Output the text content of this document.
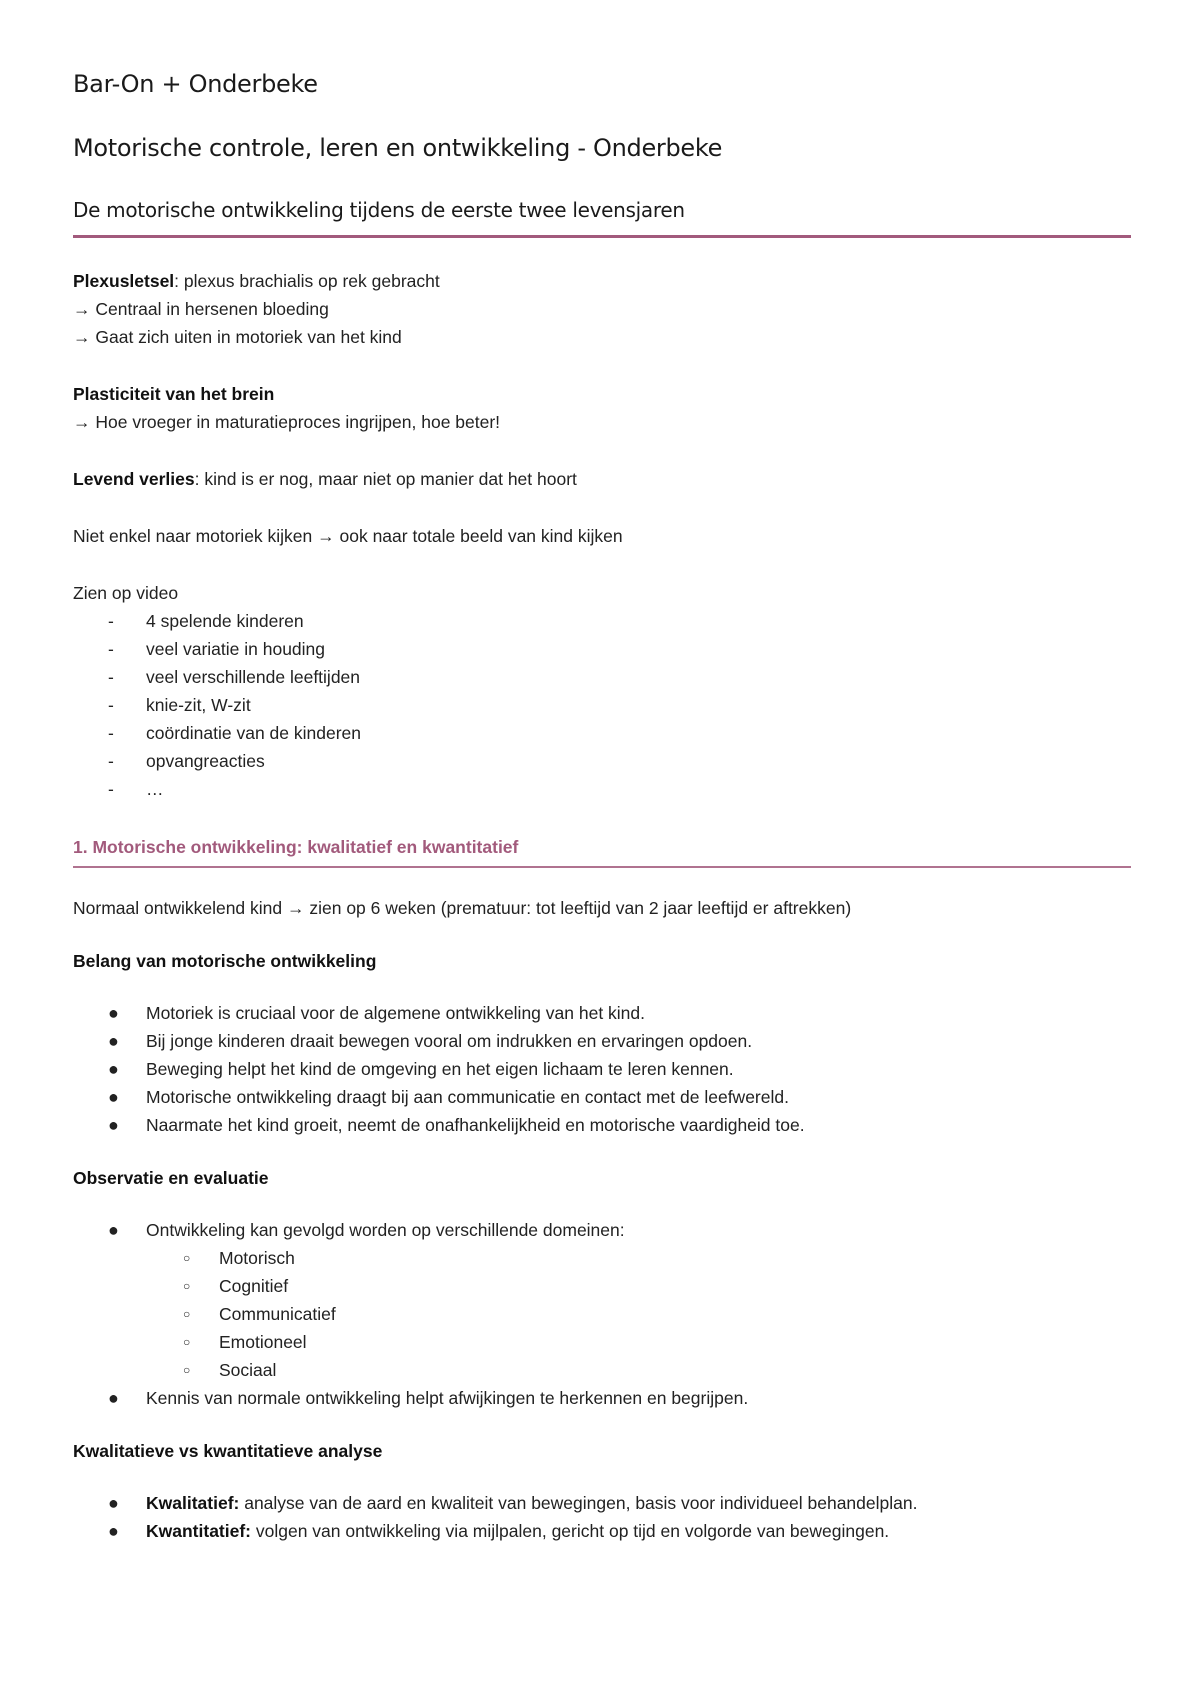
Bar-On + Onderbeke
Motorische controle, leren en ontwikkeling - Onderbeke
De motorische ontwikkeling tijdens de eerste twee levensjaren
Plexusletsel: plexus brachialis op rek gebracht
→ Centraal in hersenen bloeding
→ Gaat zich uiten in motoriek van het kind
Plasticiteit van het brein
→ Hoe vroeger in maturatieproces ingrijpen, hoe beter!
Levend verlies: kind is er nog, maar niet op manier dat het hoort
Niet enkel naar motoriek kijken → ook naar totale beeld van kind kijken
Zien op video
- 4 spelende kinderen
- veel variatie in houding
- veel verschillende leeftijden
- knie-zit, W-zit
- coördinatie van de kinderen
- opvangreacties
- …
1. Motorische ontwikkeling: kwalitatief en kwantitatief
Normaal ontwikkelend kind → zien op 6 weken (prematuur: tot leeftijd van 2 jaar leeftijd er aftrekken)
Belang van motorische ontwikkeling
● Motoriek is cruciaal voor de algemene ontwikkeling van het kind.
● Bij jonge kinderen draait bewegen vooral om indrukken en ervaringen opdoen.
● Beweging helpt het kind de omgeving en het eigen lichaam te leren kennen.
● Motorische ontwikkeling draagt bij aan communicatie en contact met de leefwereld.
● Naarmate het kind groeit, neemt de onafhankelijkheid en motorische vaardigheid toe.
Observatie en evaluatie
● Ontwikkeling kan gevolgd worden op verschillende domeinen:
○ Motorisch
○ Cognitief
○ Communicatief
○ Emotioneel
○ Sociaal
● Kennis van normale ontwikkeling helpt afwijkingen te herkennen en begrijpen.
Kwalitatieve vs kwantitatieve analyse
● Kwalitatief: analyse van de aard en kwaliteit van bewegingen, basis voor individueel behandelplan.
● Kwantitatief: volgen van ontwikkeling via mijlpalen, gericht op tijd en volgorde van bewegingen.
